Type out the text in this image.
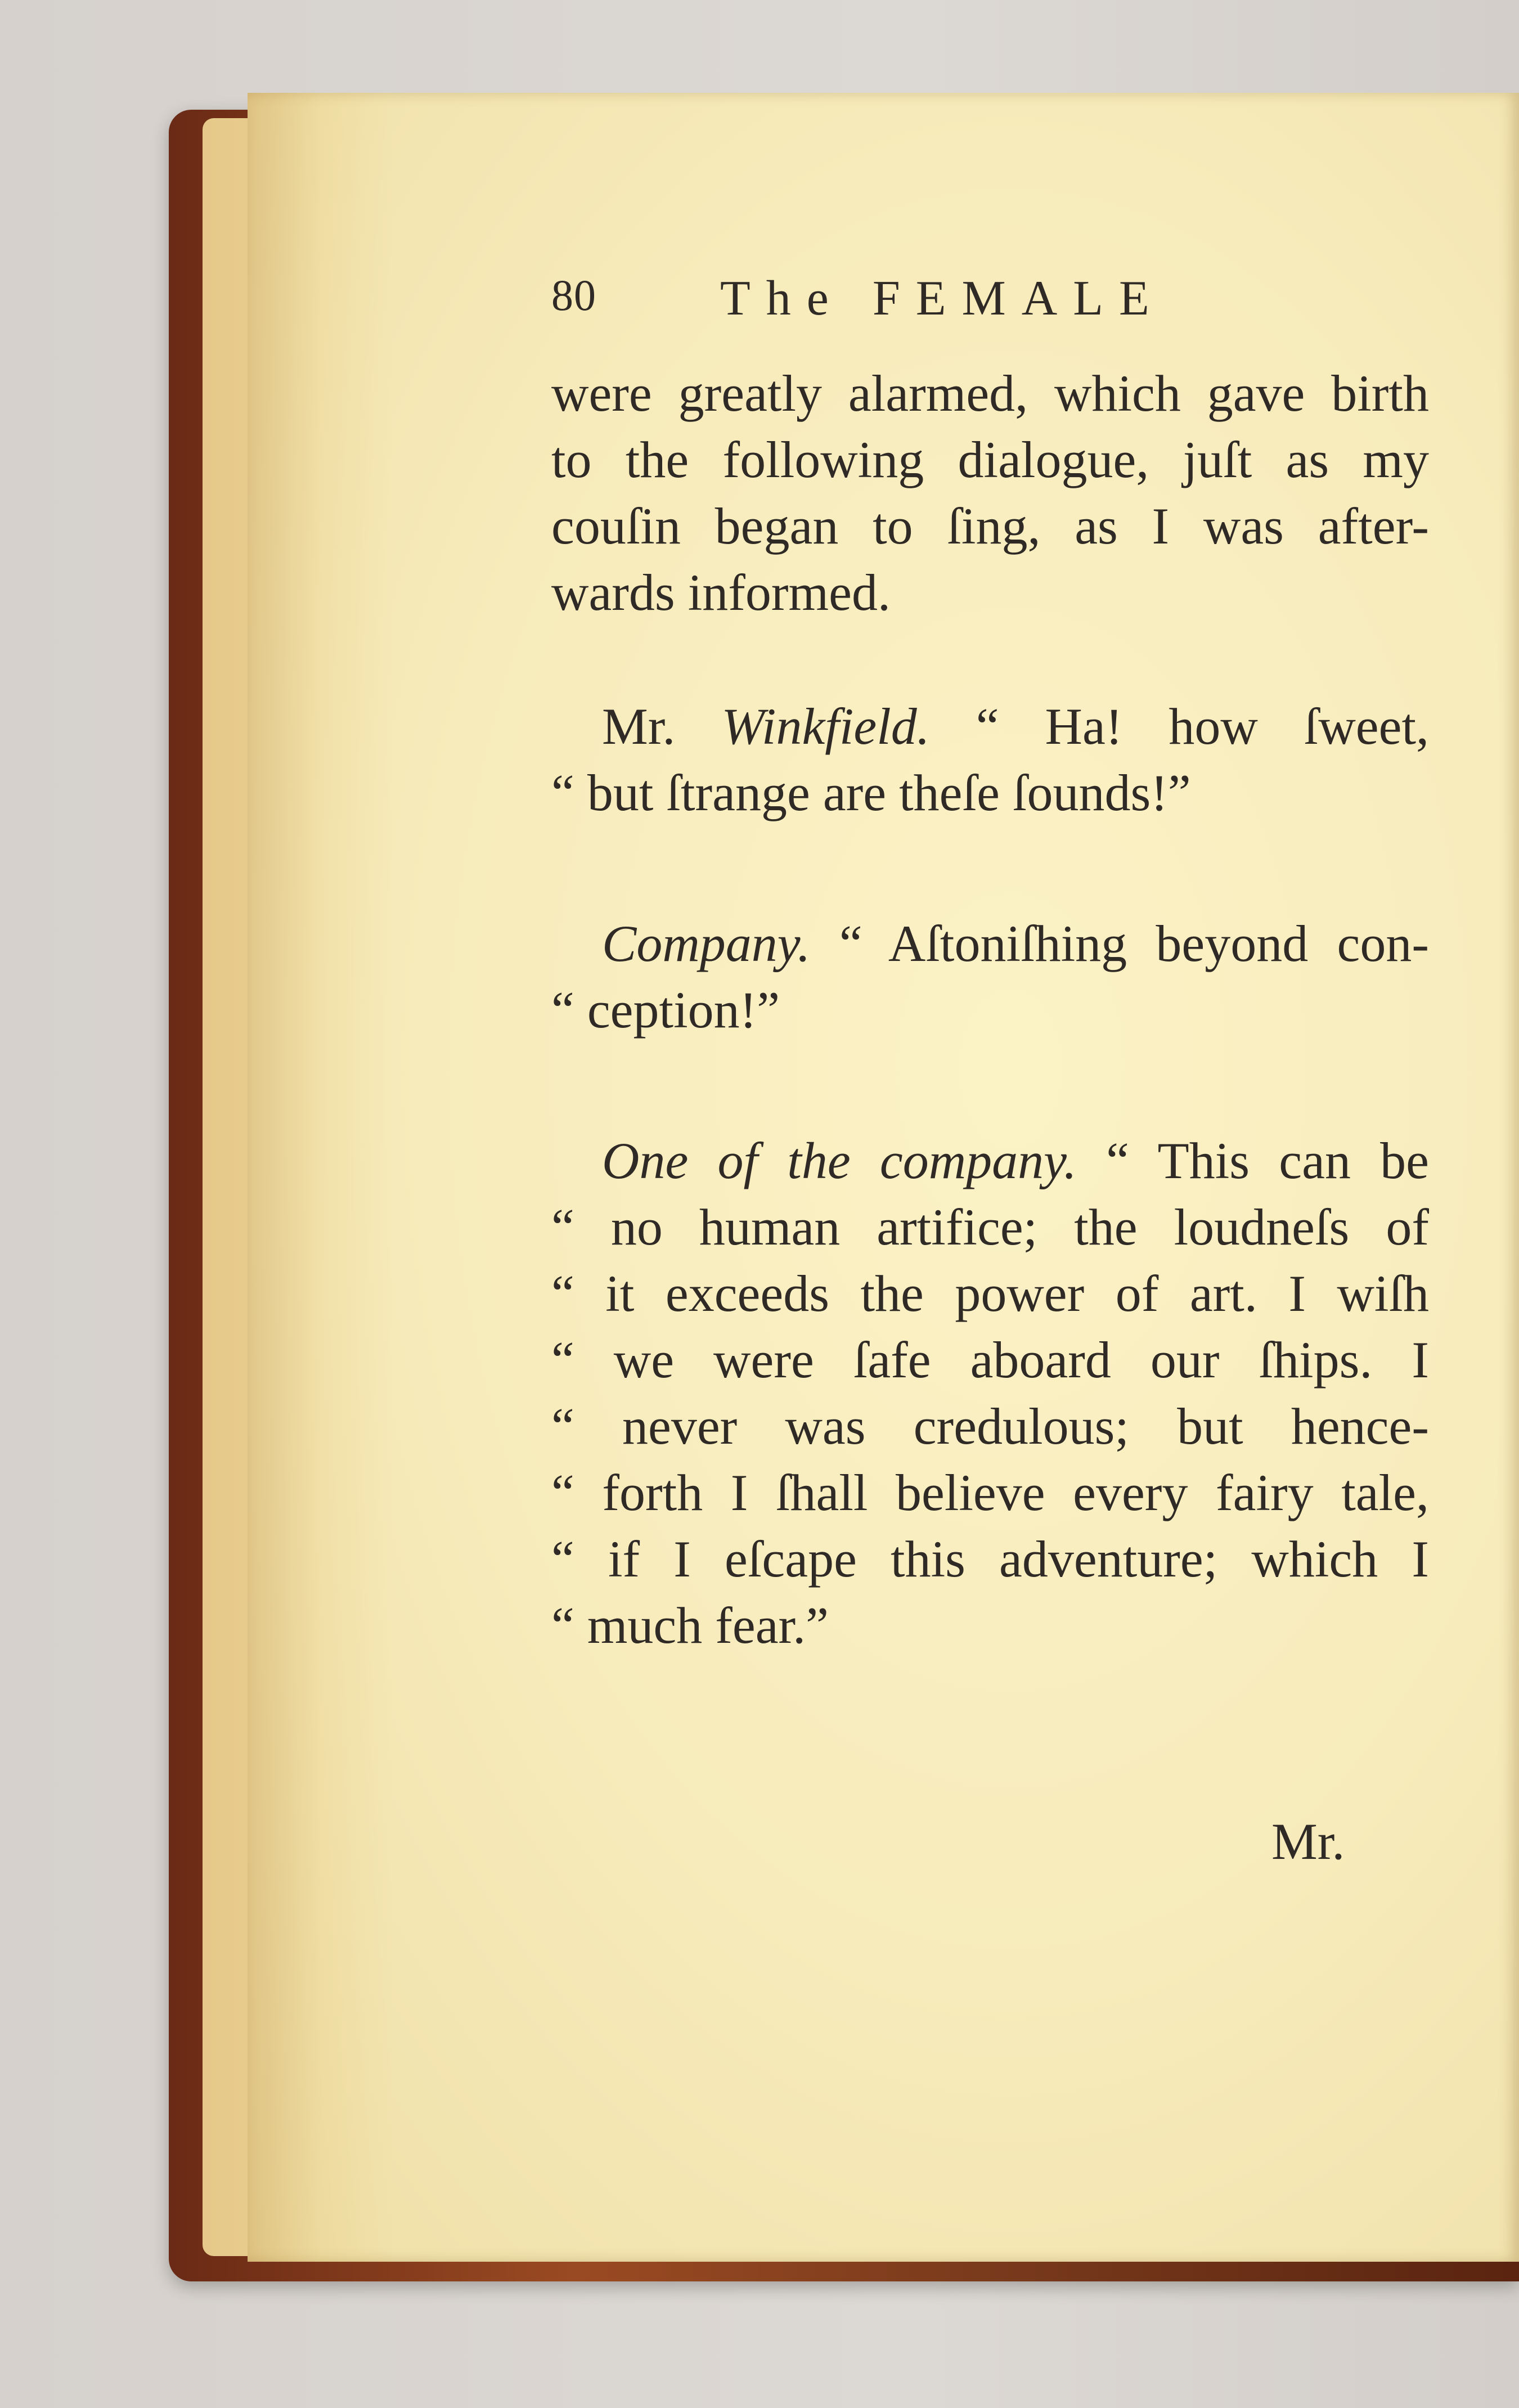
80	The FEMALE
were greatly alarmed, which gave birth
to the following dialogue, juſt as my
couſin began to ſing, as I was after-
wards informed.
Mr. Winkfield. “ Ha! how ſweet,
“ but ſtrange are theſe ſounds!”
Company. “ Aſtoniſhing beyond con-
“ ception!”
One of the company. “ This can be
“ no human artifice; the loudneſs of
“ it exceeds the power of art. I wiſh
“ we were ſafe aboard our ſhips. I
“ never was credulous; but hence-
“ forth I ſhall believe every fairy tale,
“ if I eſcape this adventure; which I
“ much fear.”
Mr.
